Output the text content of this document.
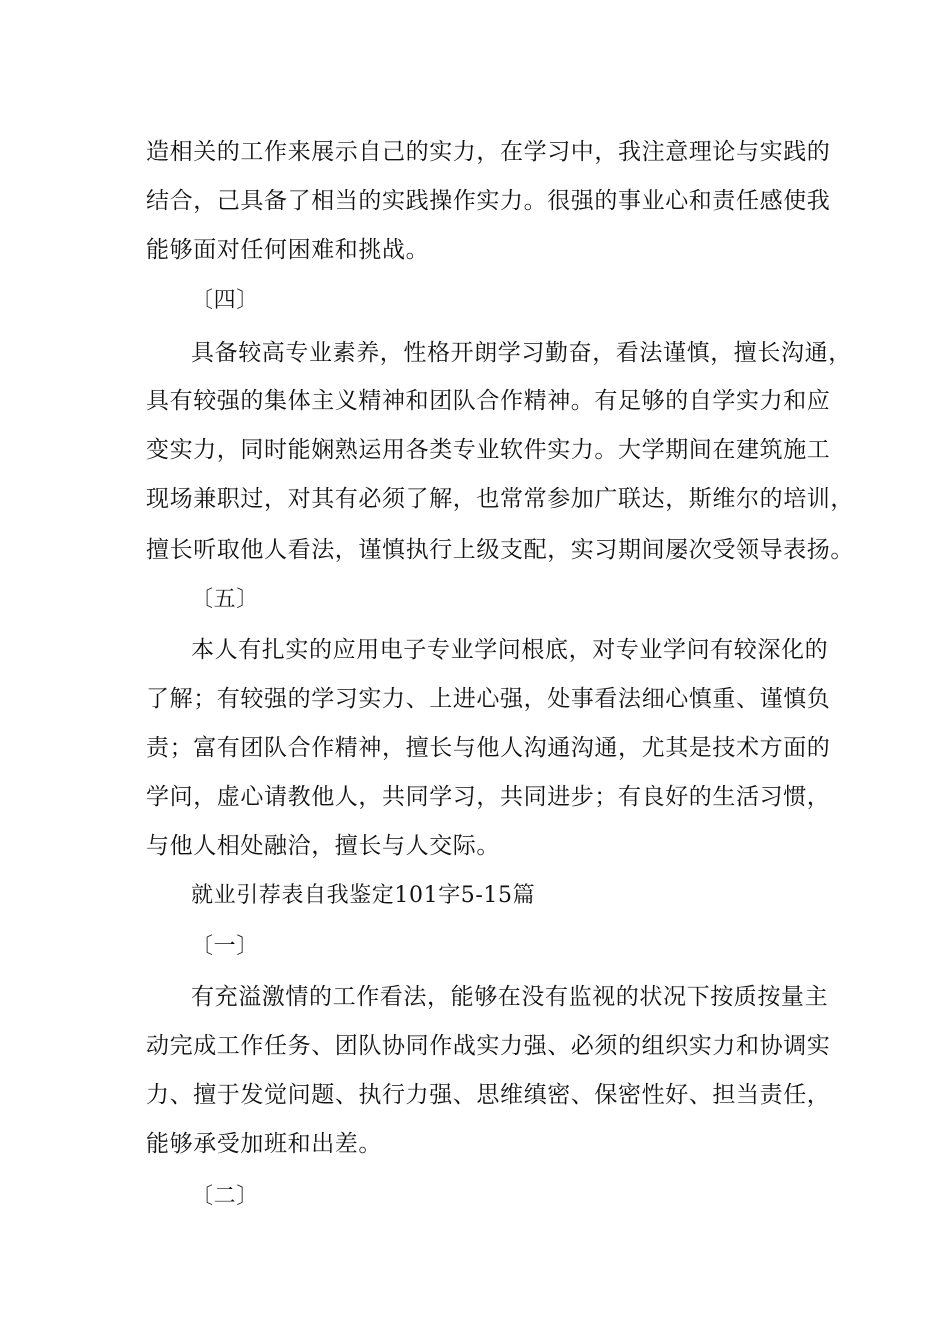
造相关的工作来展示自己的实力，在学习中，我注意理论与实践的
结合，己具备了相当的实践操作实力。很强的事业心和责任感使我
能够面对任何困难和挑战。
〔四〕
具备较高专业素养，性格开朗学习勤奋，看法谨慎，擅长沟通，
具有较强的集体主义精神和团队合作精神。有足够的自学实力和应
变实力，同时能娴熟运用各类专业软件实力。大学期间在建筑施工
现场兼职过，对其有必须了解，也常常参加广联达，斯维尔的培训，
擅长听取他人看法，谨慎执行上级支配，实习期间屡次受领导表扬。
〔五〕
本人有扎实的应用电子专业学问根底，对专业学问有较深化的
了解；有较强的学习实力、上进心强，处事看法细心慎重、谨慎负
责；富有团队合作精神，擅长与他人沟通沟通，尤其是技术方面的
学问，虚心请教他人，共同学习，共同进步；有良好的生活习惯，
与他人相处融洽，擅长与人交际。
就业引荐表自我鉴定101字5-15篇
〔一〕
有充溢激情的工作看法，能够在没有监视的状况下按质按量主
动完成工作任务、团队协同作战实力强、必须的组织实力和协调实
力、擅于发觉问题、执行力强、思维缜密、保密性好、担当责任，
能够承受加班和出差。
〔二〕
